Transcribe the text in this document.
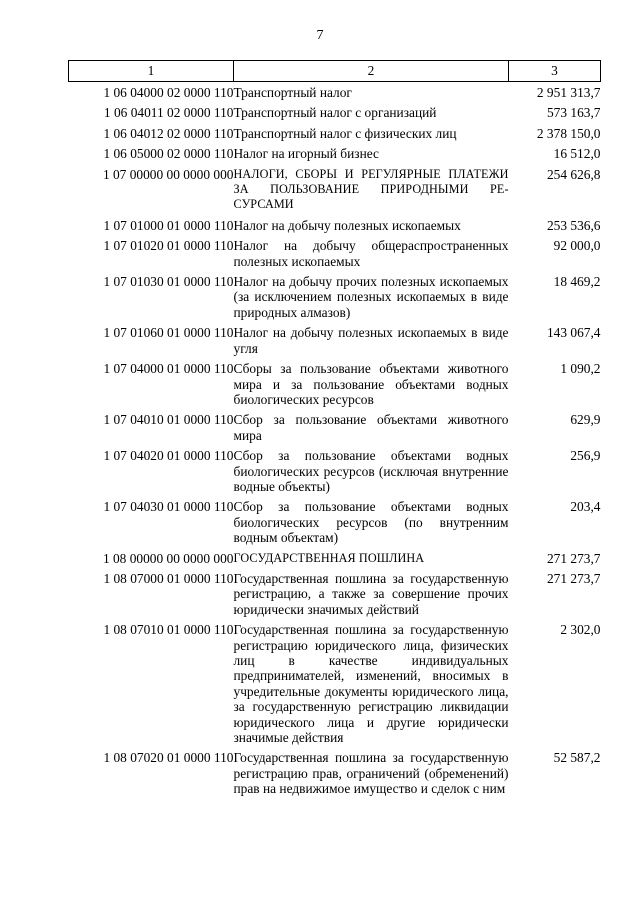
7
1	2	3
1 06 04000 02 0000 110	Транспортный налог	2 951 313,7
1 06 04011 02 0000 110	Транспортный налог с организаций	573 163,7
1 06 04012 02 0000 110	Транспортный налог с физических лиц	2 378 150,0
1 06 05000 02 0000 110	Налог на игорный бизнес	16 512,0
1 07 00000 00 0000 000	НАЛОГИ, СБОРЫ И РЕГУЛЯРНЫЕ ПЛАТЕЖИ ЗА ПОЛЬЗОВАНИЕ ПРИРОДНЫМИ РЕСУРСАМИ	254 626,8
1 07 01000 01 0000 110	Налог на добычу полезных ископаемых	253 536,6
1 07 01020 01 0000 110	Налог на добычу общераспространенных полезных ископаемых	92 000,0
1 07 01030 01 0000 110	Налог на добычу прочих полезных ископаемых (за исключением полезных ископаемых в виде природных алмазов)	18 469,2
1 07 01060 01 0000 110	Налог на добычу полезных ископаемых в виде угля	143 067,4
1 07 04000 01 0000 110	Сборы за пользование объектами животного мира и за пользование объектами водных биологических ресурсов	1 090,2
1 07 04010 01 0000 110	Сбор за пользование объектами животного мира	629,9
1 07 04020 01 0000 110	Сбор за пользование объектами водных биологических ресурсов (исключая внутренние водные объекты)	256,9
1 07 04030 01 0000 110	Сбор за пользование объектами водных биологических ресурсов (по внутренним водным объектам)	203,4
1 08 00000 00 0000 000	ГОСУДАРСТВЕННАЯ ПОШЛИНА	271 273,7
1 08 07000 01 0000 110	Государственная пошлина за государственную регистрацию, а также за совершение прочих юридически значимых действий	271 273,7
1 08 07010 01 0000 110	Государственная пошлина за государственную регистрацию юридического лица, физических лиц в качестве индивидуальных предпринимателей, изменений, вносимых в учредительные документы юридического лица, за государственную регистрацию ликвидации юридического лица и другие юридически значимые действия	2 302,0
1 08 07020 01 0000 110	Государственная пошлина за государственную регистрацию прав, ограничений (обременений) прав на недвижимое имущество и сделок с ним	52 587,2
